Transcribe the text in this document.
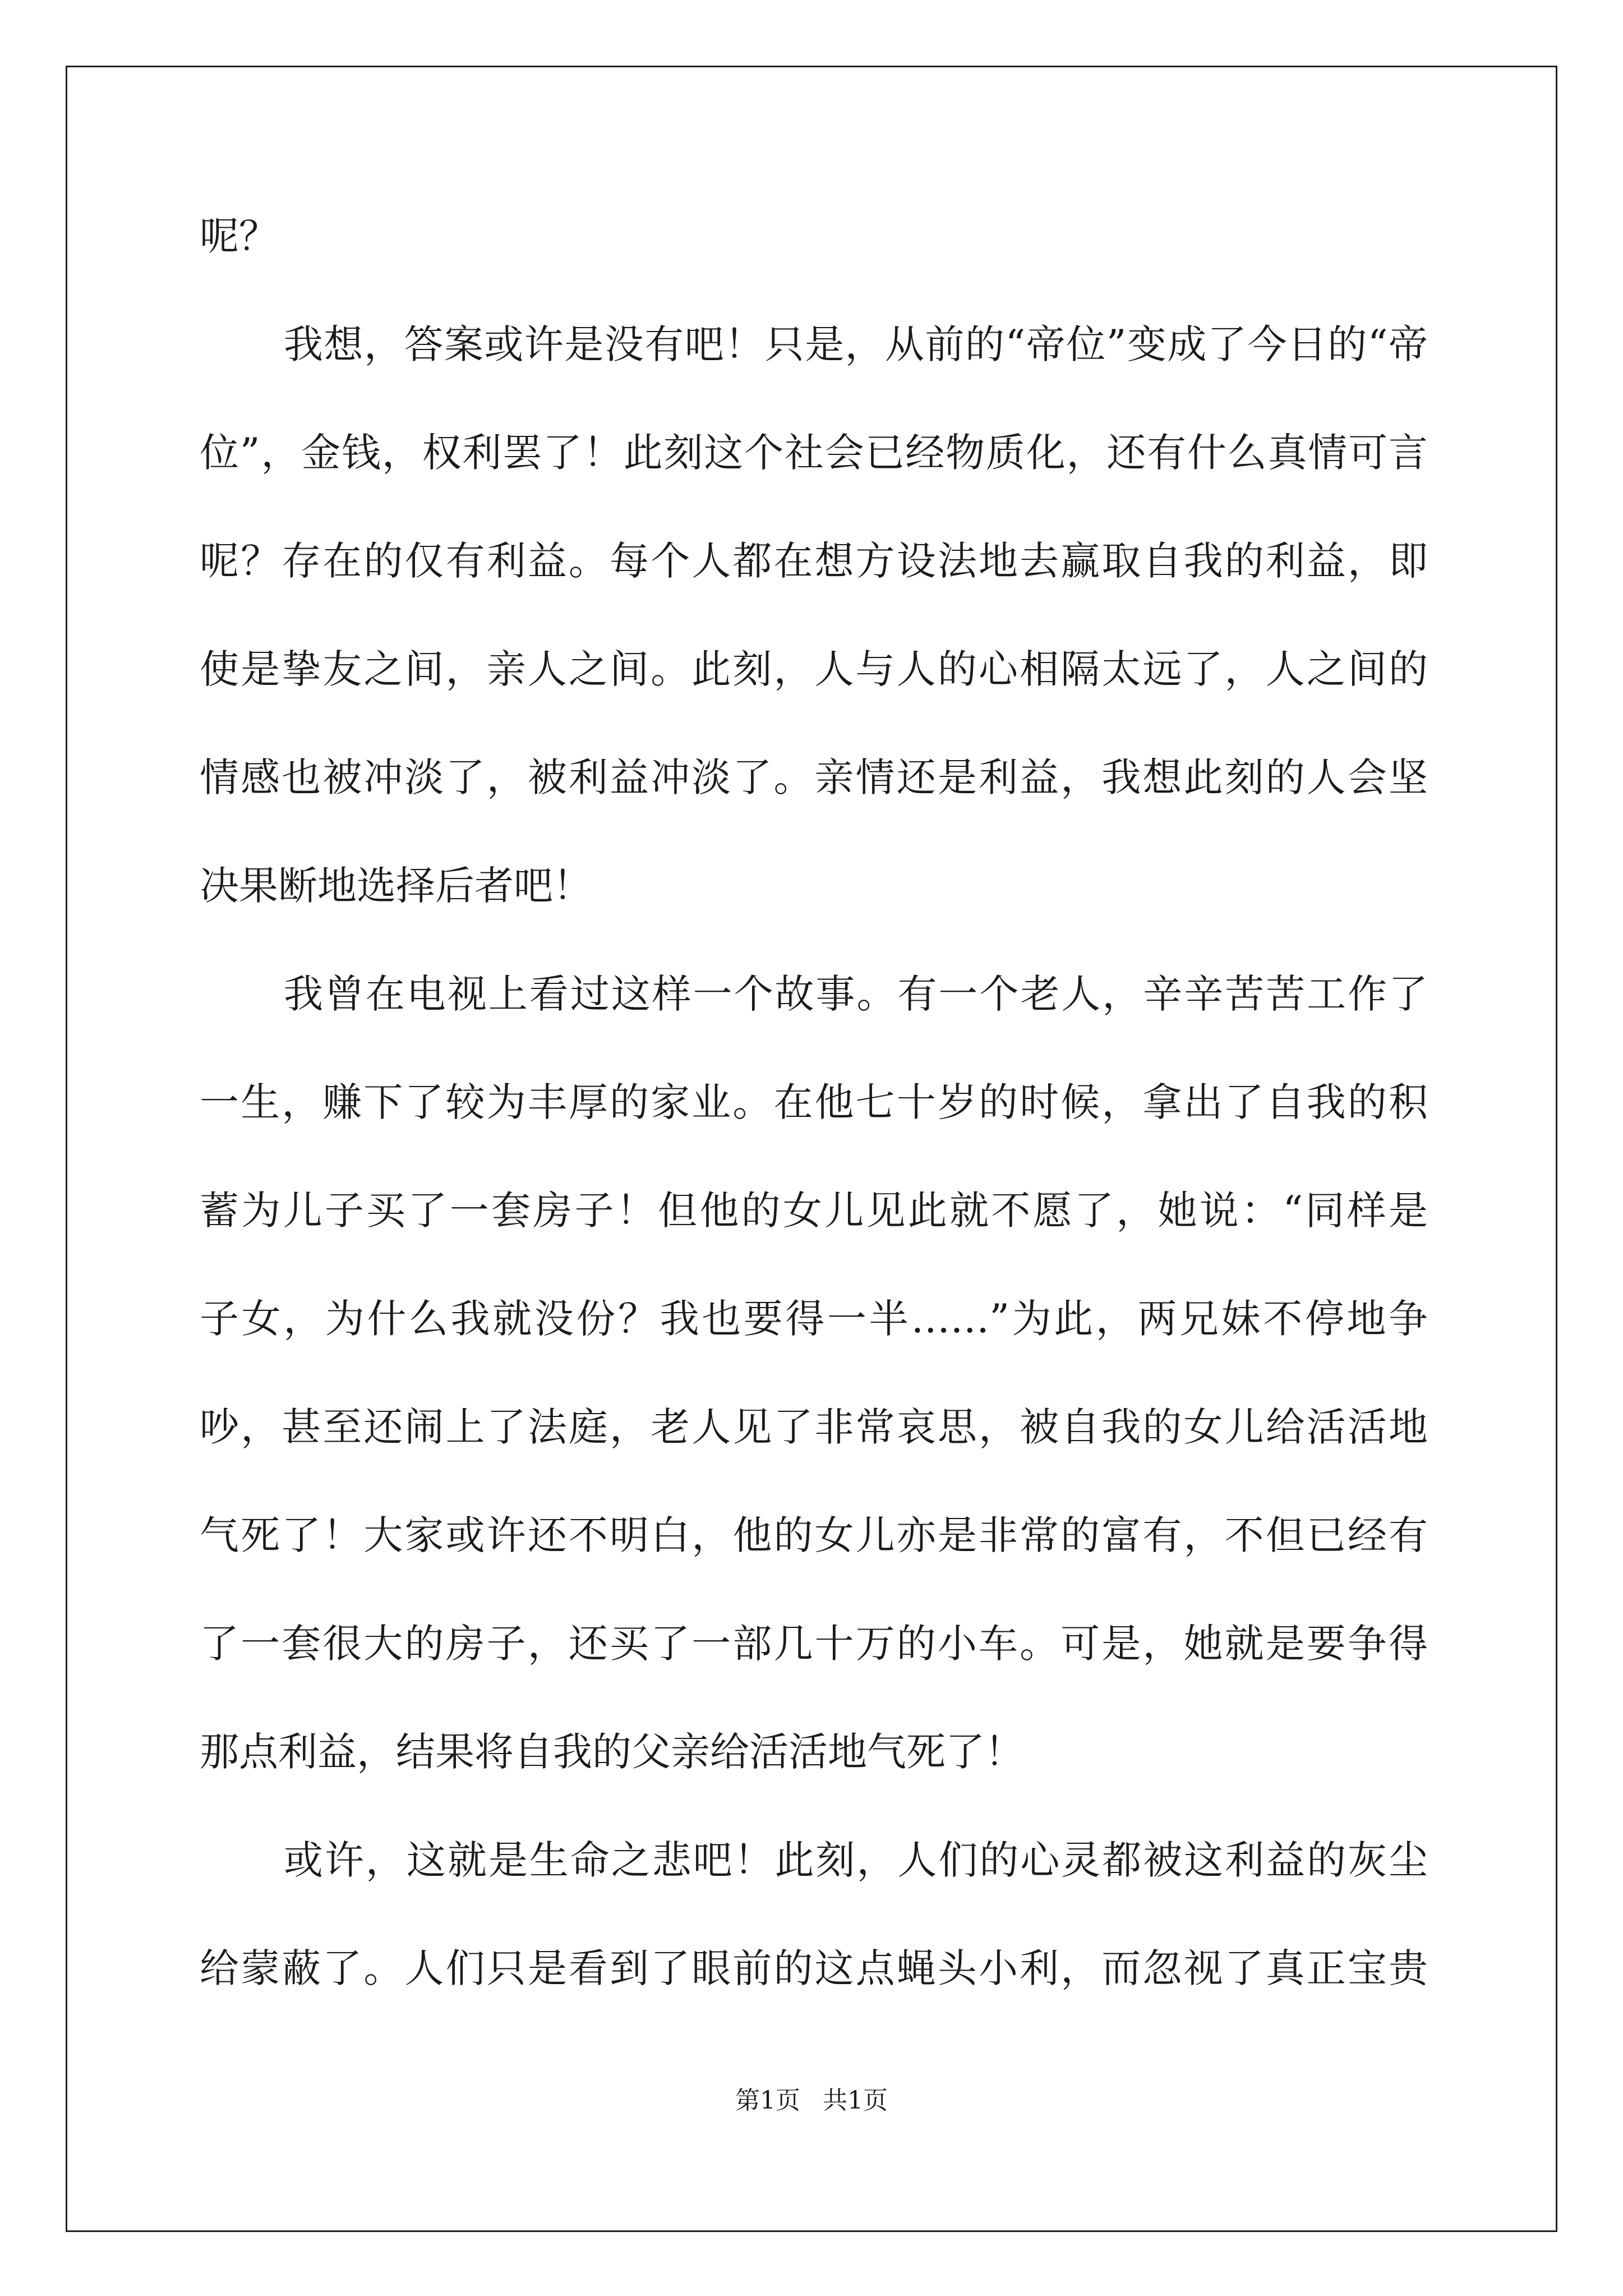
呢？
我想，答案或许是没有吧！只是，从前的“帝位”变成了今日的“帝
位”，金钱，权利罢了！此刻这个社会已经物质化，还有什么真情可言
呢？存在的仅有利益。每个人都在想方设法地去赢取自我的利益，即
使是挚友之间，亲人之间。此刻，人与人的心相隔太远了，人之间的
情感也被冲淡了，被利益冲淡了。亲情还是利益，我想此刻的人会坚
决果断地选择后者吧！
我曾在电视上看过这样一个故事。有一个老人，辛辛苦苦工作了
一生，赚下了较为丰厚的家业。在他七十岁的时候，拿出了自我的积
蓄为儿子买了一套房子！但他的女儿见此就不愿了，她说：“同样是
子女，为什么我就没份？我也要得一半……”为此，两兄妹不停地争
吵，甚至还闹上了法庭，老人见了非常哀思，被自我的女儿给活活地
气死了！大家或许还不明白，他的女儿亦是非常的富有，不但已经有
了一套很大的房子，还买了一部几十万的小车。可是，她就是要争得
那点利益，结果将自我的父亲给活活地气死了！
或许，这就是生命之悲吧！此刻，人们的心灵都被这利益的灰尘
给蒙蔽了。人们只是看到了眼前的这点蝇头小利，而忽视了真正宝贵
第1页 共1页
